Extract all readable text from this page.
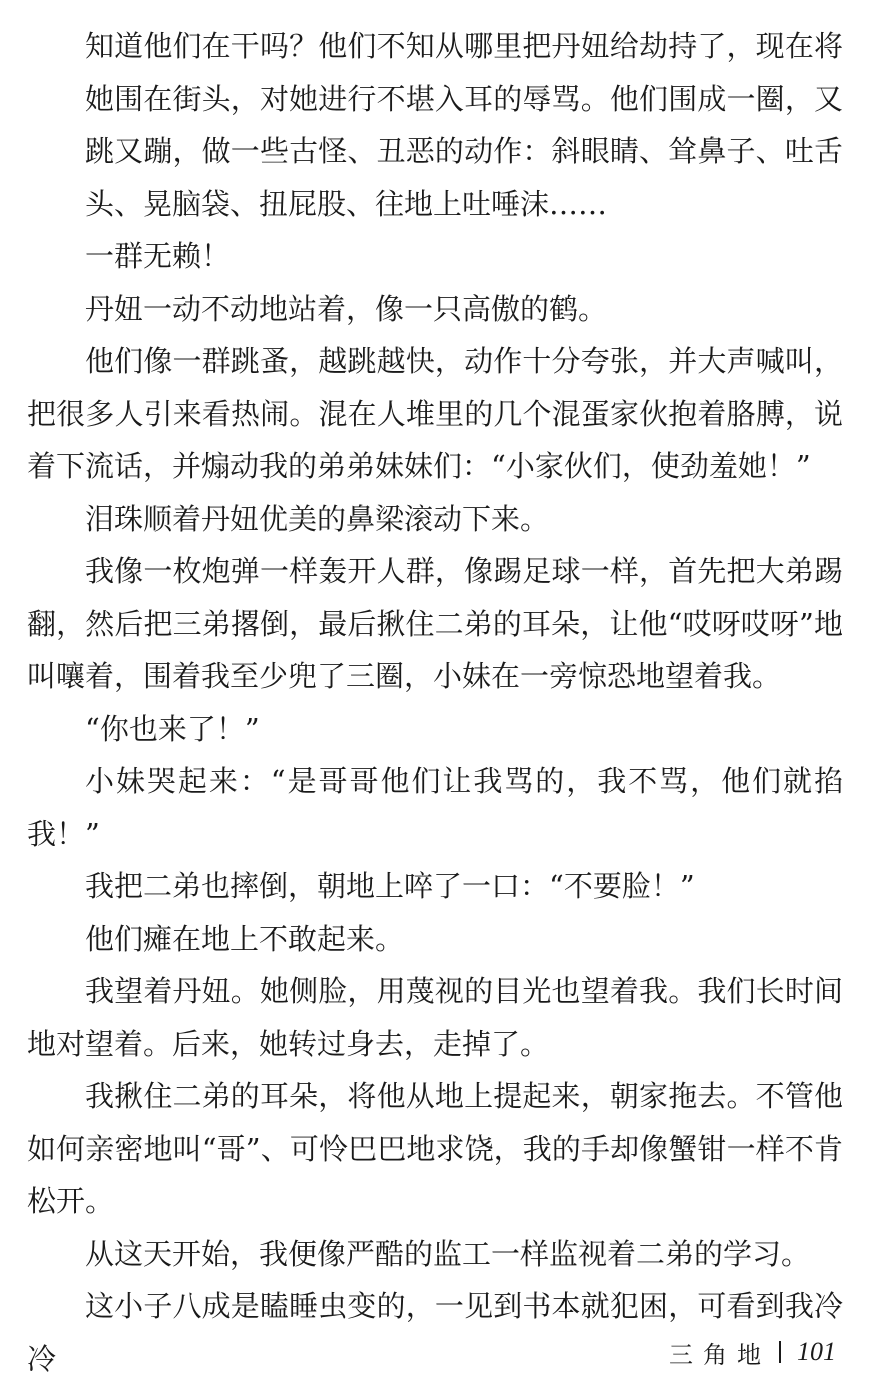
知道他们在干吗？他们不知从哪里把丹妞给劫持了，现在将她围在街头，对她进行不堪入耳的辱骂。他们围成一圈，又跳又蹦，做一些古怪、丑恶的动作：斜眼睛、耸鼻子、吐舌头、晃脑袋、扭屁股、往地上吐唾沫……

一群无赖！

丹妞一动不动地站着，像一只高傲的鹤。

他们像一群跳蚤，越跳越快，动作十分夸张，并大声喊叫，把很多人引来看热闹。混在人堆里的几个混蛋家伙抱着胳膊，说着下流话，并煽动我的弟弟妹妹们：“小家伙们，使劲羞她！”

泪珠顺着丹妞优美的鼻梁滚动下来。

我像一枚炮弹一样轰开人群，像踢足球一样，首先把大弟踢翻，然后把三弟撂倒，最后揪住二弟的耳朵，让他“哎呀哎呀”地叫嚷着，围着我至少兜了三圈，小妹在一旁惊恐地望着我。

“你也来了！”

小妹哭起来：“是哥哥他们让我骂的，我不骂，他们就掐我！”

我把二弟也摔倒，朝地上啐了一口：“不要脸！”

他们瘫在地上不敢起来。

我望着丹妞。她侧脸，用蔑视的目光也望着我。我们长时间地对望着。后来，她转过身去，走掉了。

我揪住二弟的耳朵，将他从地上提起来，朝家拖去。不管他如何亲密地叫“哥”、可怜巴巴地求饶，我的手却像蟹钳一样不肯松开。

从这天开始，我便像严酷的监工一样监视着二弟的学习。

这小子八成是瞌睡虫变的，一见到书本就犯困，可看到我冷冷	三角地 101
